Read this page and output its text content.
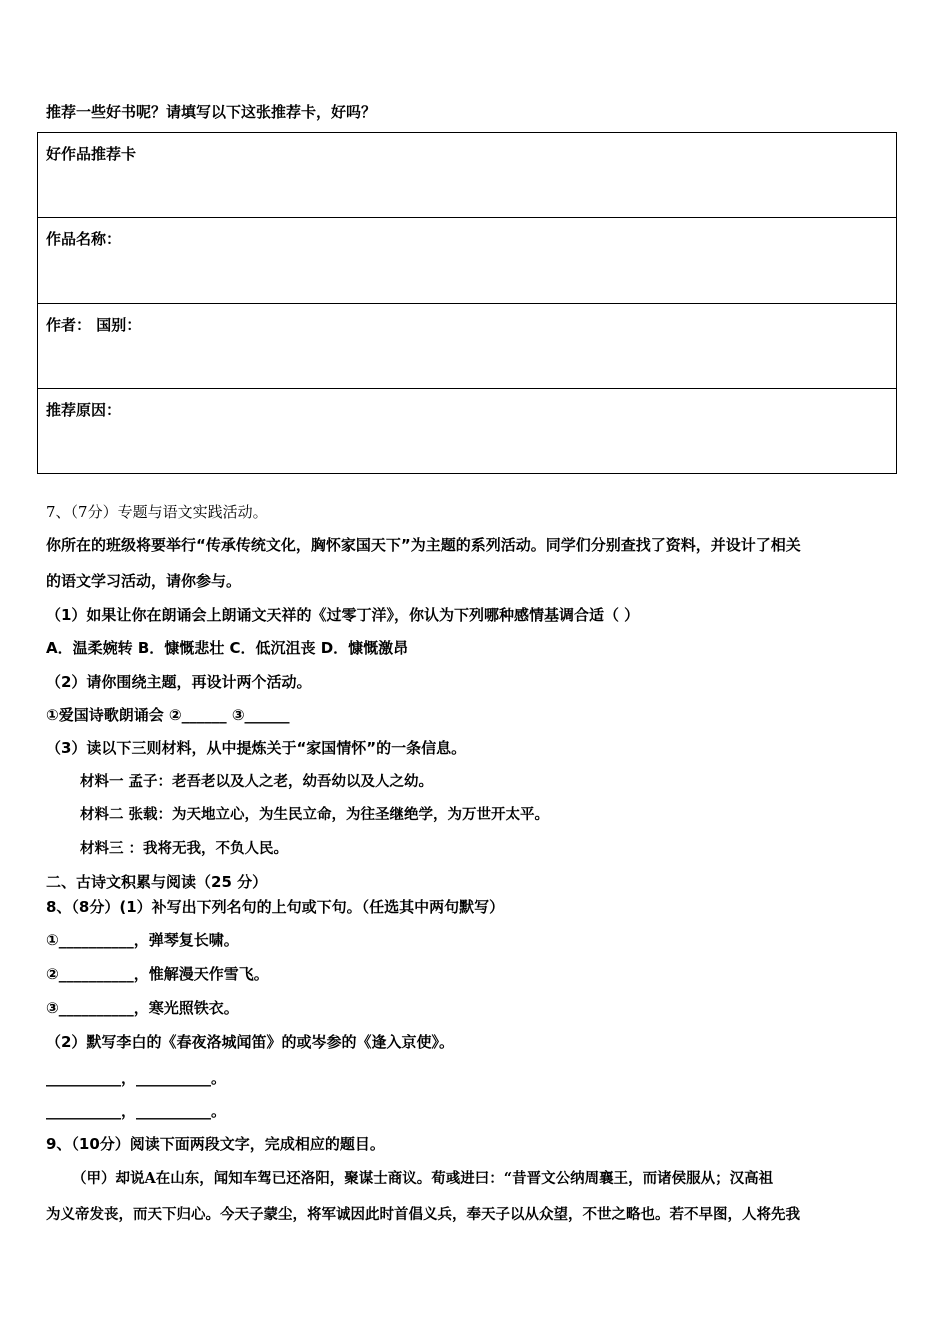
推荐一些好书呢？请填写以下这张推荐卡，好吗？
好作品推荐卡
作品名称：
作者： 国别：
推荐原因：
7、（7分）专题与语文实践活动。
你所在的班级将要举行“传承传统文化，胸怀家国天下”为主题的系列活动。同学们分别查找了资料，并设计了相关
的语文学习活动，请你参与。
（1）如果让你在朗诵会上朗诵文天祥的《过零丁洋》，你认为下列哪种感情基调合适（ ）
A．温柔婉转 B．慷慨悲壮 C．低沉沮丧 D．慷慨激昂
（2）请你围绕主题，再设计两个活动。
①爱国诗歌朗诵会 ②______ ③______
（3）读以下三则材料，从中提炼关于“家国情怀”的一条信息。
材料一 孟子：老吾老以及人之老，幼吾幼以及人之幼。
材料二 张载：为天地立心，为生民立命，为往圣继绝学，为万世开太平。
材料三 ：我将无我，不负人民。
二、古诗文积累与阅读（25 分）
8、（8分）(1）补写出下列名句的上句或下句。（任选其中两句默写）
①__________，弹琴复长啸。
②__________，惟解漫天作雪飞。
③__________，寒光照铁衣。
（2）默写李白的《春夜洛城闻笛》的或岑参的《逢入京使》。
__________，__________。
__________，__________。
9、（10分）阅读下面两段文字，完成相应的题目。
（甲）却说A在山东，闻知车驾已还洛阳，聚谋士商议。荀彧进曰：“昔晋文公纳周襄王，而诸侯服从；汉高祖
为义帝发丧，而天下归心。今天子蒙尘，将军诚因此时首倡义兵，奉天子以从众望，不世之略也。若不早图，人将先我
